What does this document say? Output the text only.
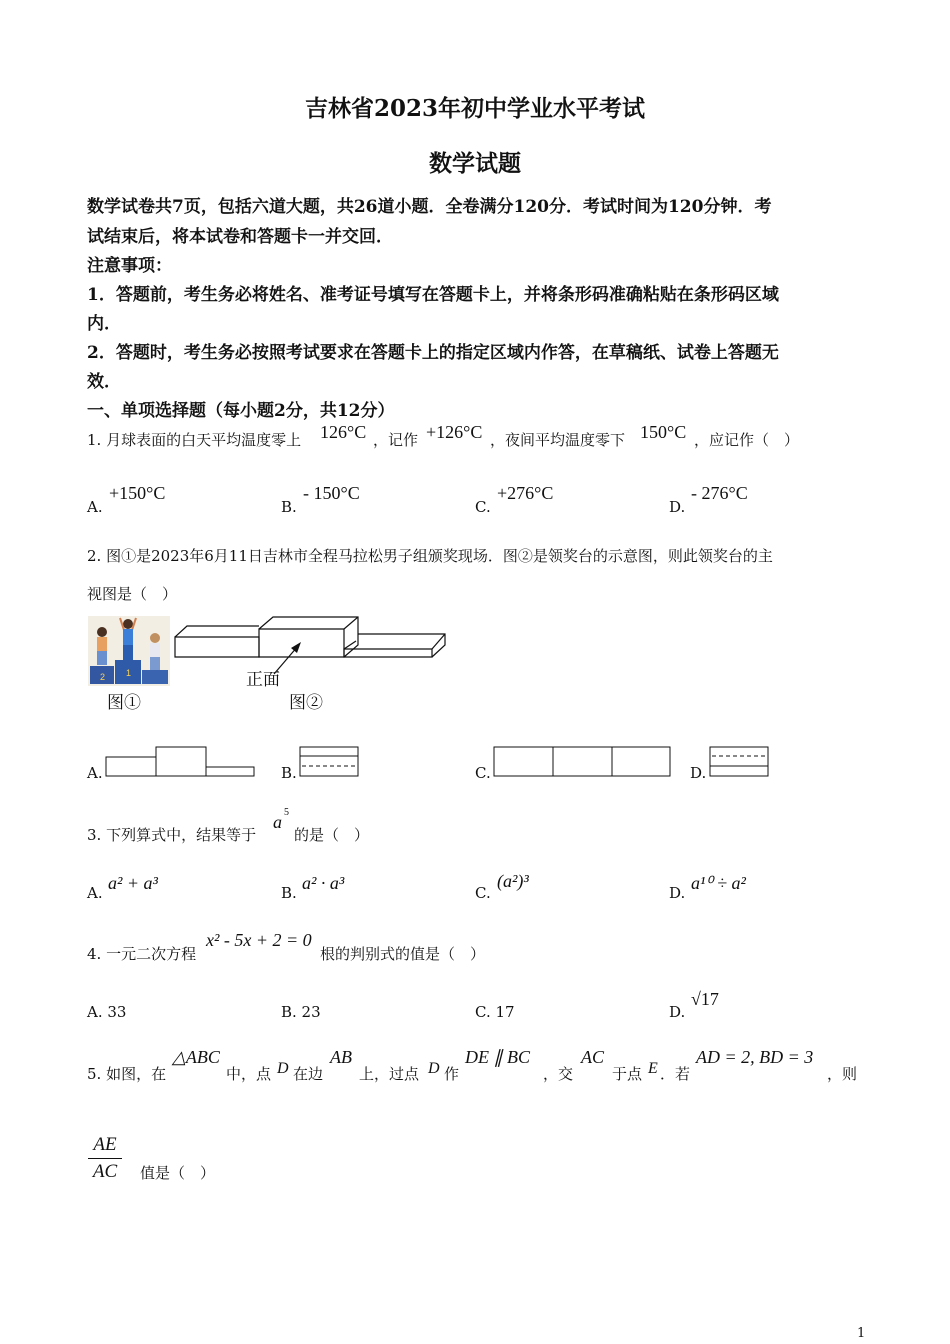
吉林省2023年初中学业水平考试
数学试题
数学试卷共7页，包括六道大题，共26道小题．全卷满分120分．考试时间为120分钟．考
试结束后，将本试卷和答题卡一并交回．
注意事项：
1．答题前，考生务必将姓名、准考证号填写在答题卡上，并将条形码准确粘贴在条形码区域
内．
2．答题时，考生务必按照考试要求在答题卡上的指定区域内作答，在草稿纸、试卷上答题无
效．
一、单项选择题（每小题2分，共12分）
1. 月球表面的白天平均温度零上 126°C ，记作 +126°C ，夜间平均温度零下 150°C ，应记作（　）
A.
+150°C
B.
- 150°C
C.
+276°C
D.
- 276°C
2. 图①是2023年6月11日吉林市全程马拉松男子组颁奖现场．图②是领奖台的示意图，则此领奖台的主
视图是（　）
2 1
图①
正面
图②
A.	B.	C.	D.
3. 下列算式中，结果等于
a 5
的是（　）
A. a² + a³	B. a² · a³	C.
(a²)³
D. a¹⁰ ÷ a²
4. 一元二次方程
x² - 5x + 2 = 0
根的判别式的值是（　）
A. 33	B. 23	C. 17	D.
√17
5. 如图，在
△ABC
中，点 D 在边
AB
上，过点 D 作
DE ∥ BC
，交
AC
于点 E ．若
AD = 2, BD = 3
，则
AE
AC	值是（　）
1
